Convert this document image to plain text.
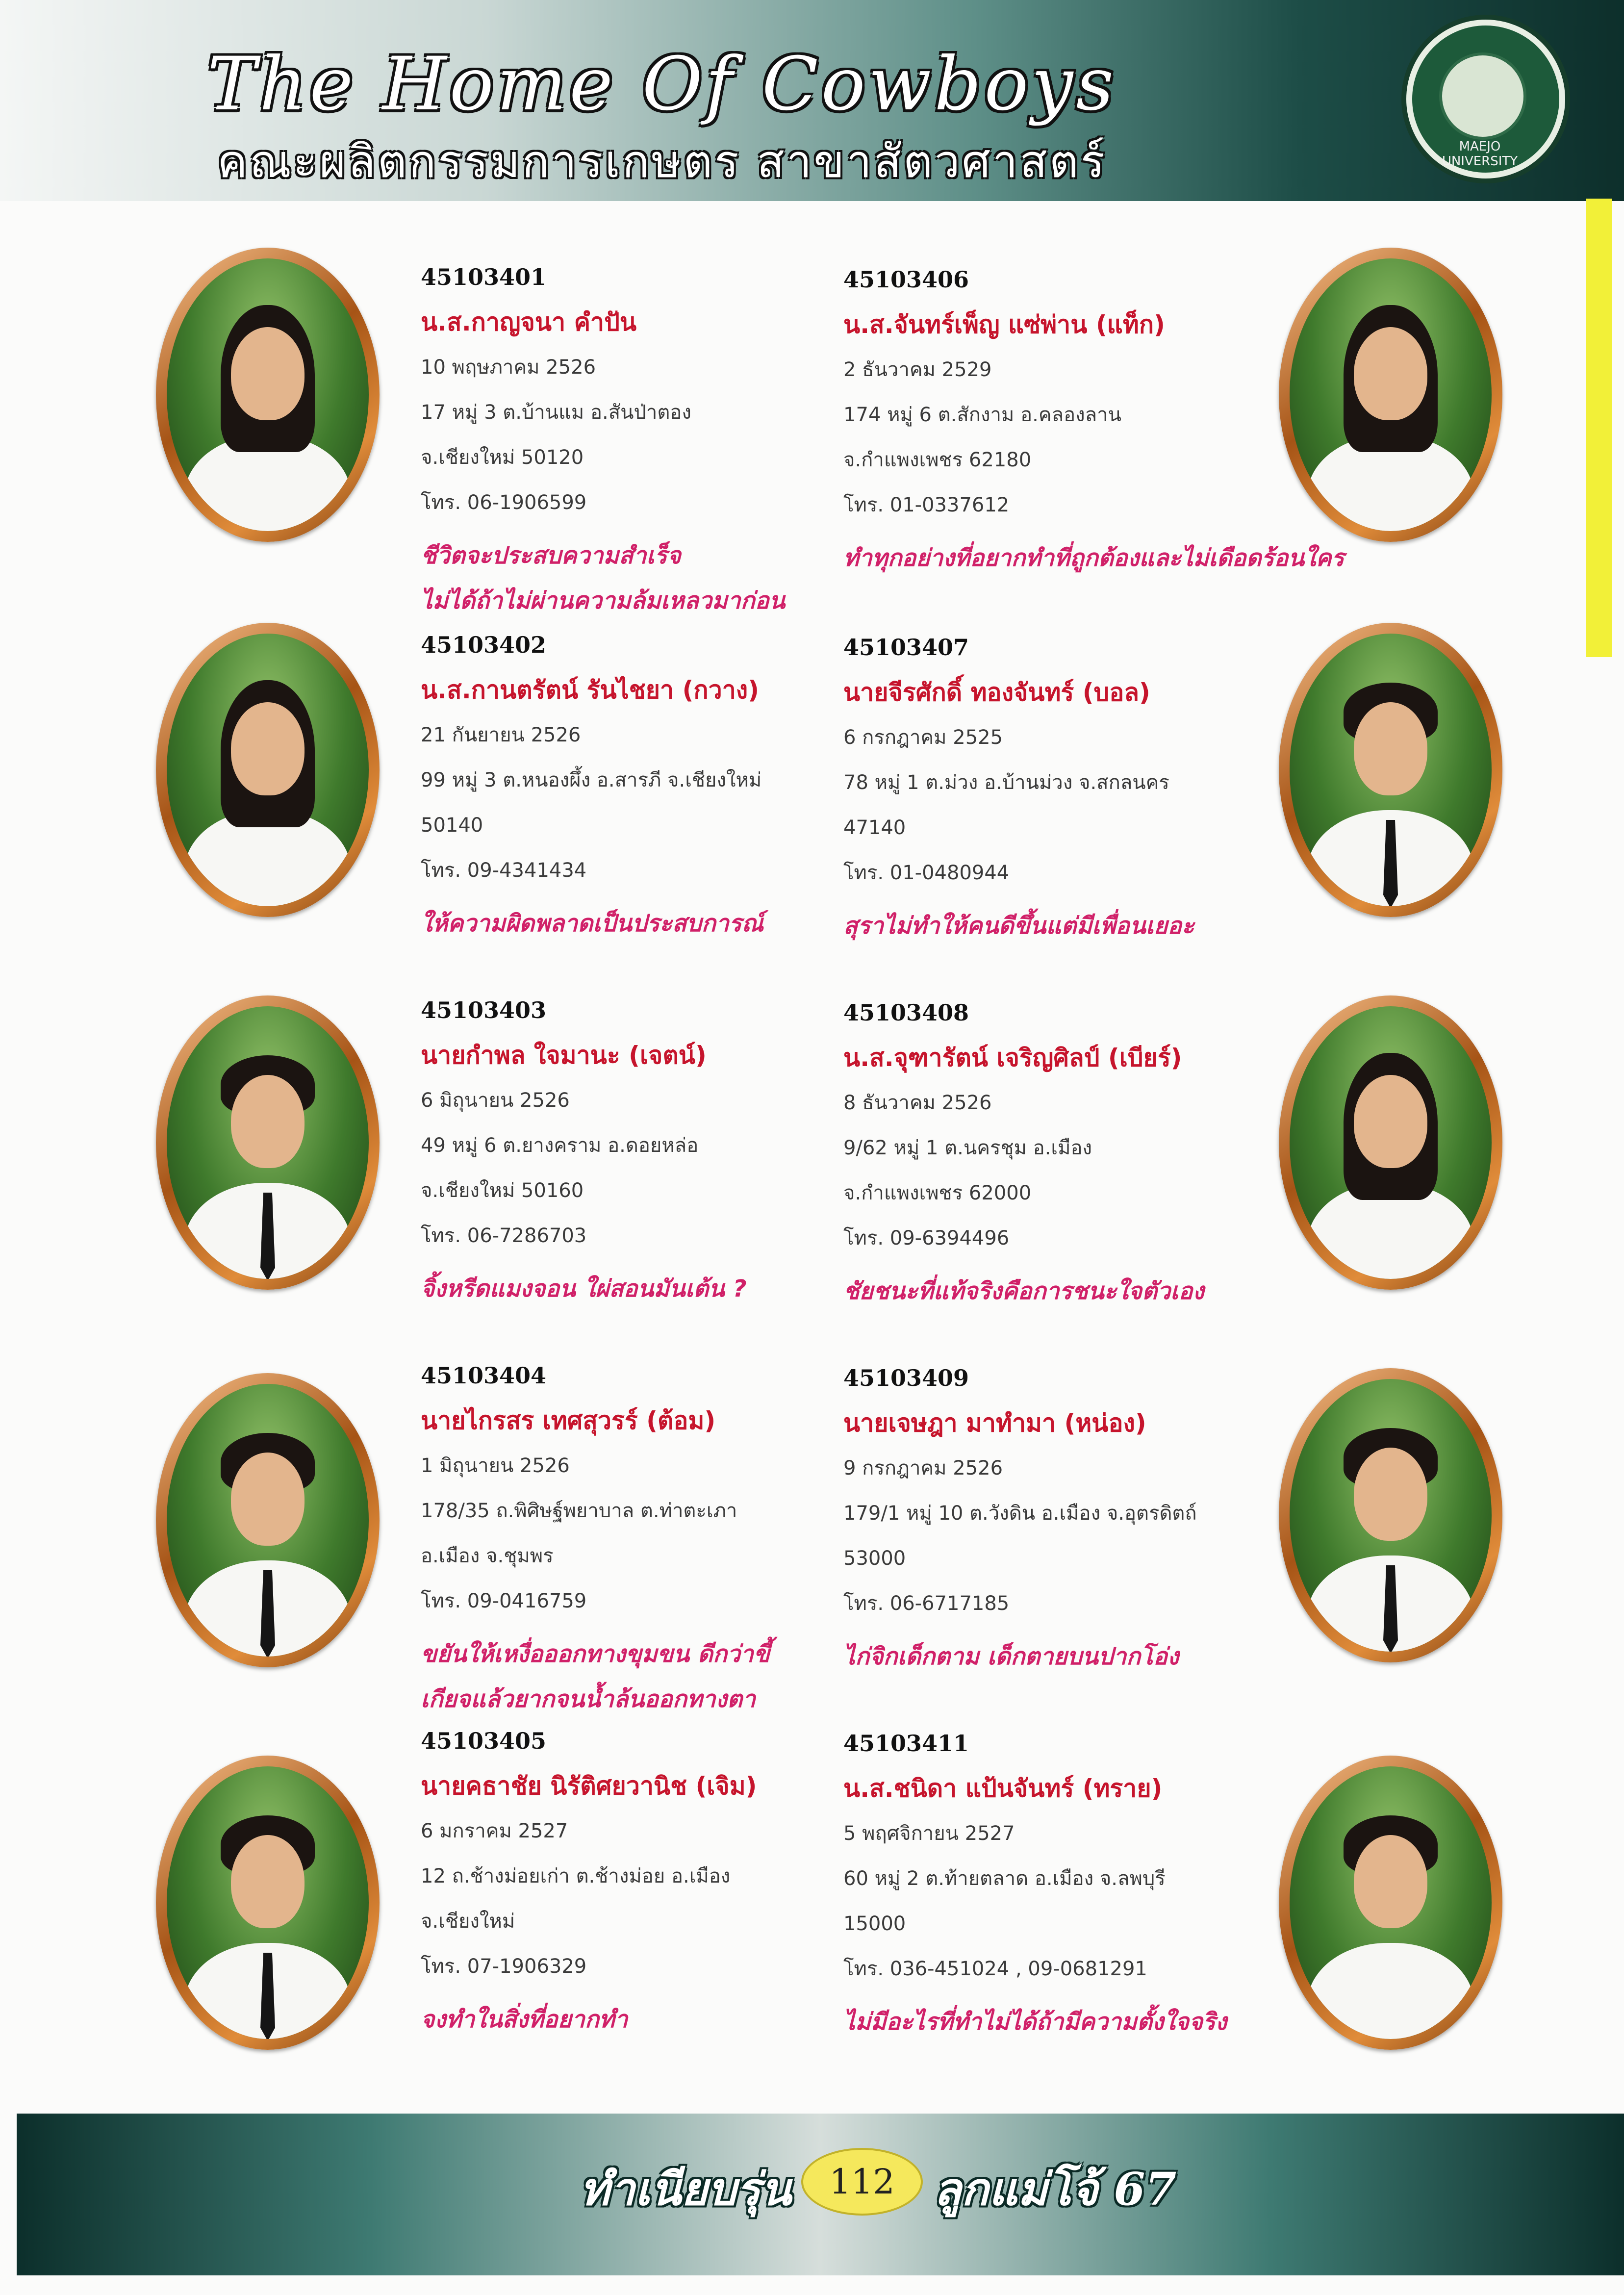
The Home Of Cowboys
คณะผลิตกรรมการเกษตร สาขาสัตวศาสตร์	MAEJO UNIVERSITY
45103401
น.ส.กาญจนา คำปัน
10 พฤษภาคม 2526
17 หมู่ 3 ต.บ้านแม อ.สันป่าตอง
จ.เชียงใหม่ 50120
โทร. 06-1906599
ชีวิตจะประสบความสำเร็จ
ไม่ได้ถ้าไม่ผ่านความล้มเหลวมาก่อน
45103406
น.ส.จันทร์เพ็ญ แซ่พ่าน (แท็ก)
2 ธันวาคม 2529
174 หมู่ 6 ต.สักงาม อ.คลองลาน
จ.กำแพงเพชร 62180
โทร. 01-0337612
ทำทุกอย่างที่อยากทำที่ถูกต้องและไม่เดือดร้อนใคร
45103402
น.ส.กานตรัตน์ รันไชยา (กวาง)
21 กันยายน 2526
99 หมู่ 3 ต.หนองผึ้ง อ.สารภี จ.เชียงใหม่
50140
โทร. 09-4341434
ให้ความผิดพลาดเป็นประสบการณ์
45103407
นายจีรศักดิ์ ทองจันทร์ (บอล)
6 กรกฎาคม 2525
78 หมู่ 1 ต.ม่วง อ.บ้านม่วง จ.สกลนคร
47140
โทร. 01-0480944
สุราไม่ทำให้คนดีขึ้นแต่มีเพื่อนเยอะ
45103403
นายกำพล ใจมานะ (เจตน์)
6 มิถุนายน 2526
49 หมู่ 6 ต.ยางคราม อ.ดอยหล่อ
จ.เชียงใหม่ 50160
โทร. 06-7286703
จิ้งหรีดแมงจอน ใผ่สอนมันเต้น ?
45103408
น.ส.จุฑารัตน์ เจริญศิลป์ (เบียร์)
8 ธันวาคม 2526
9/62 หมู่ 1 ต.นครชุม อ.เมือง
จ.กำแพงเพชร 62000
โทร. 09-6394496
ชัยชนะที่แท้จริงคือการชนะใจตัวเอง
45103404
นายไกรสร เทศสุวรร์ (ต้อม)
1 มิถุนายน 2526
178/35 ถ.พิศิษฐ์พยาบาล ต.ท่าตะเภา
อ.เมือง จ.ชุมพร
โทร. 09-0416759
ขยันให้เหงื่อออกทางขุมขน ดีกว่าขี้
เกียจแล้วยากจนน้ำล้นออกทางตา
45103409
นายเจษฎา มาทำมา (หน่อง)
9 กรกฎาคม 2526
179/1 หมู่ 10 ต.วังดิน อ.เมือง จ.อุตรดิตถ์
53000
โทร. 06-6717185
ไก่จิกเด็กตาม เด็กตายบนปากโอ่ง
45103405
นายคธาชัย นิรัติศยวานิช (เจิม)
6 มกราคม 2527
12 ถ.ช้างม่อยเก่า ต.ช้างม่อย อ.เมือง
จ.เชียงใหม่
โทร. 07-1906329
จงทำในสิ่งที่อยากทำ
45103411
น.ส.ชนิดา แป้นจันทร์ (ทราย)
5 พฤศจิกายน 2527
60 หมู่ 2 ต.ท้ายตลาด อ.เมือง จ.ลพบุรี
15000
โทร. 036-451024 , 09-0681291
ไม่มีอะไรที่ทำไม่ได้ถ้ามีความตั้งใจจริง
ทำเนียบรุ่น	112 ลูกแม่โจ้ 67
